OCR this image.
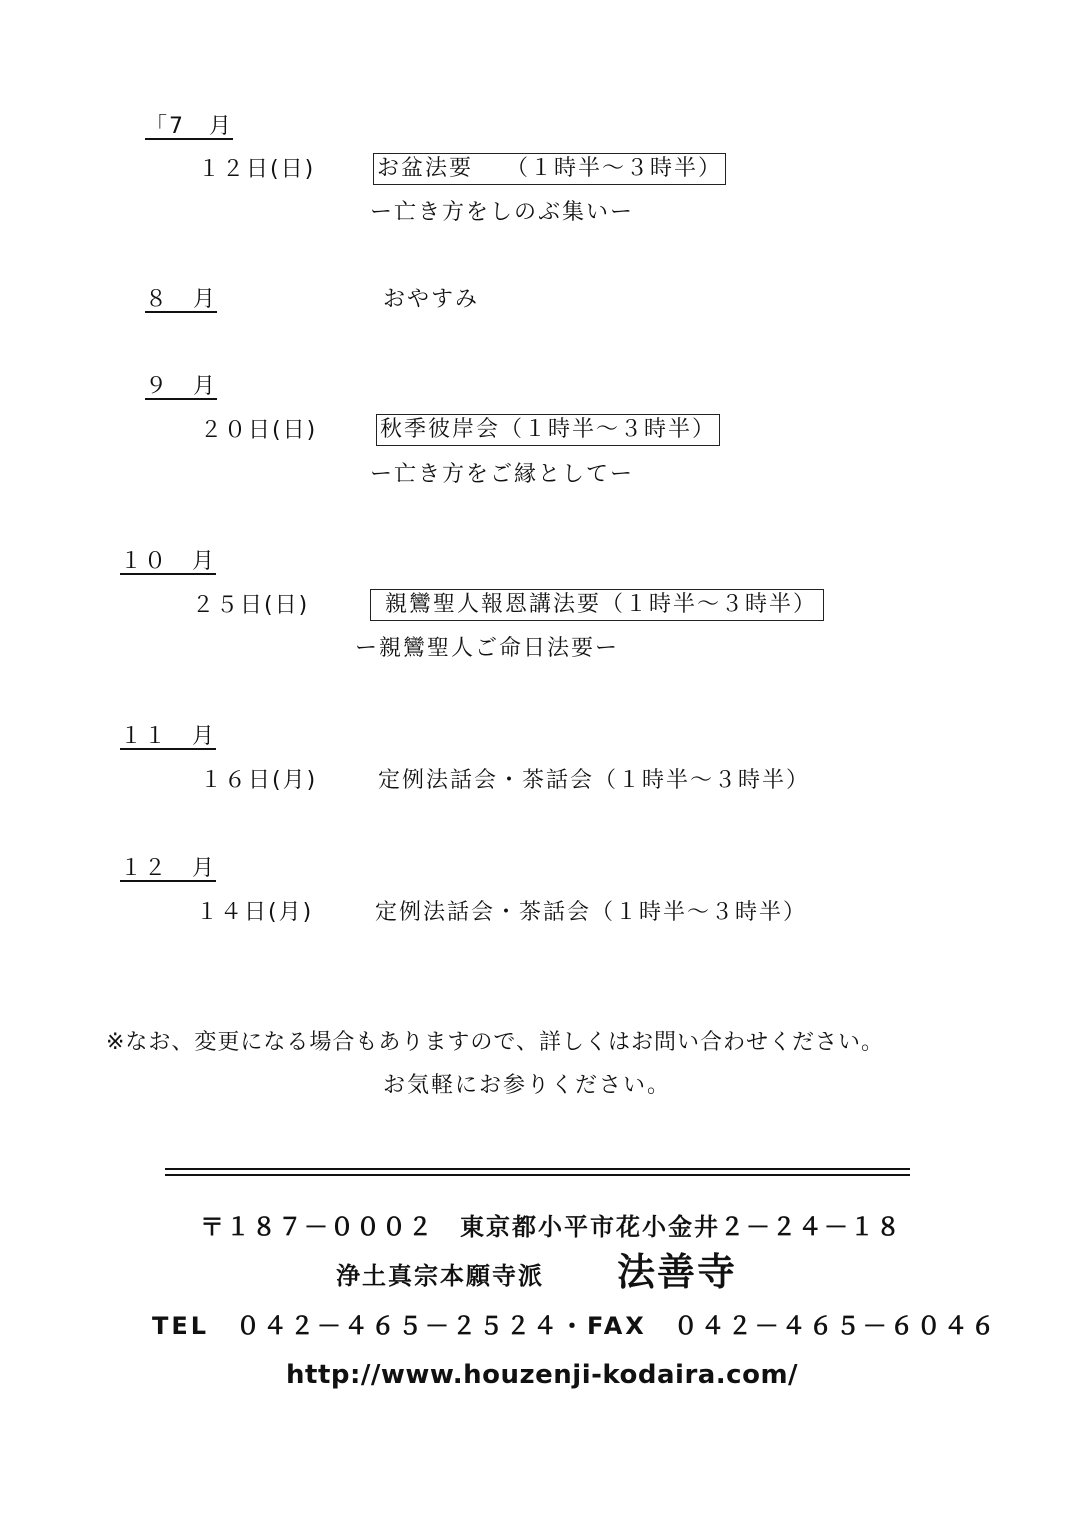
「7　月
１２日(日)	お盆法要　 （１時半～３時半）
ー亡き方をしのぶ集いー
８　月	おやすみ
９　月
２０日(日)	秋季彼岸会（１時半～３時半）
ー亡き方をご縁としてー
１０　月
２５日(日)	親鸞聖人報恩講法要（１時半～３時半）
ー親鸞聖人ご命日法要ー
１１　月
１６日(月)	定例法話会・茶話会（１時半～３時半）
１２　月
１４日(月)	定例法話会・茶話会（１時半～３時半）
※なお、変更になる場合もありますので、詳しくはお問い合わせください。
お気軽にお参りください。
〒１８７－０００２　東京都小平市花小金井２－２４－１８
浄土真宗本願寺派 法善寺
TEL　０４２－４６５－２５２４・FAX　０４２－４６５－６０４６
http://www.houzenji-kodaira.com/
